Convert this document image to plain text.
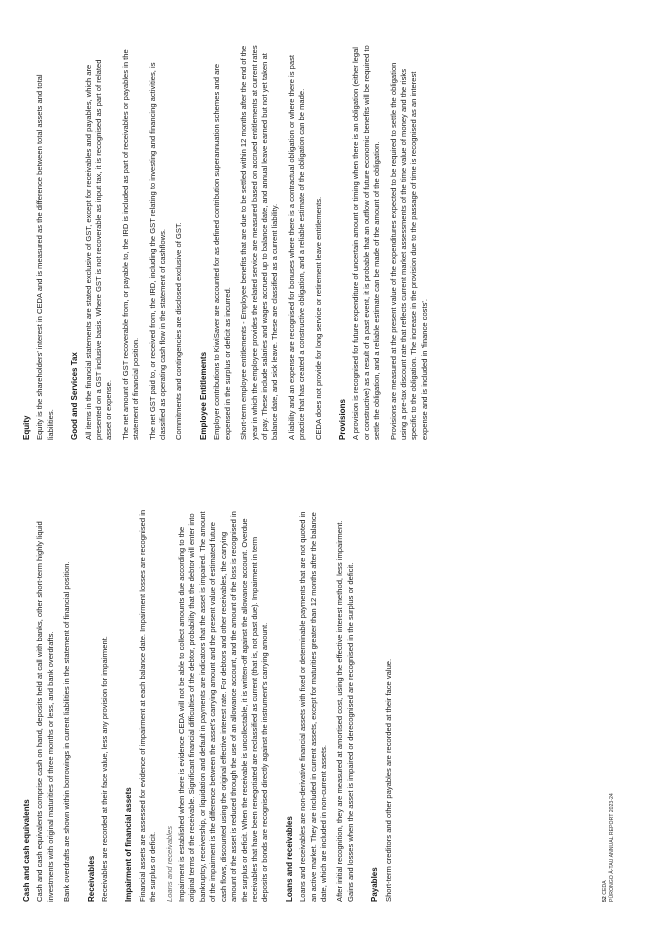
Cash and cash equivalents Cash and cash equivalents comprise cash on hand, deposits held at call with banks, other short-term highly liquid investments with original maturities of three months or less, and bank overdrafts. Bank overdrafts are shown within borrowings in current liabilities in the statement of financial position. Receivables Receivables are recorded at their face value, less any provision for impairment. Impairment of financial assets Financial assets are assessed for evidence of impairment at each balance date. Impairment losses are recognised in the surplus or deficit. Loans and receivables Impairment is established when there is evidence CEDA will not be able to collect amounts due according to the original terms of the receivable. Significant financial difficulties of the debtor, probability that the debtor will enter into bankruptcy, receivership, or liquidation and default in payments are indicators that the asset is impaired. The amount of the impairment is the difference between the asset's carrying amount and the present value of estimated future cash flows, discounted using the original effective interest rate. For debtors and other receivables, the carrying amount of the asset is reduced through the use of an allowance account, and the amount of the loss is recognised in the surplus or deficit. When the receivable is uncollectable, it is written-off against the allowance account. Overdue receivables that have been renegotiated are reclassified as current (that is, not past due). Impairment in term deposits or bonds are recognised directly against the instrument's carrying amount. Loans and receivables Loans and receivables are non-derivative financial assets with fixed or determinable payments that are not quoted in an active market. They are included in current assets, except for maturities greater than 12 months after the balance date, which are included in non-current assets. After initial recognition, they are measured at amortised cost, using the effective interest method, less impairment. Gains and losses when the asset is impaired or derecognised are recognised in the surplus or deficit. Payables Short-term creditors and other payables are recorded at their face value.

Equity Equity is the shareholders' interest in CEDA and is measured as the difference between total assets and total liabilities. Good and Services Tax All items in the financial statements are stated exclusive of GST, except for receivables and payables, which are presented on a GST inclusive basis. Where GST is not recoverable as input tax, it is recognised as part of related asset or expense. The net amount of GST recoverable from, or payable to, the IRD is included as part of receivables or payables in the statement of financial position. The net GST paid to, or received from, the IRD, including the GST relating to investing and financing activities, is classified as operating cash flow in the statement of cashflows. Commitments and contingencies are disclosed exclusive of GST. Employee Entitlements Employer contributions to KiwiSaver are accounted for as defined contribution superannuation schemes and are expensed in the surplus or deficit as incurred. Short-term employee entitlements - Employee benefits that are due to be settled within 12 months after the end of the year in which the employee provides the related service are measured based on accrued entitlements at current rates of pay. These include salaries and wages accrued up to balance date, and annual leave earned but not yet taken at balance date, and sick leave. These are classified as a current liability. A liability and an expense are recognised for bonuses where there is a contractual obligation or where there is past practice that has created a constructive obligation, and a reliable estimate of the obligation can be made. CEDA does not provide for long service or retirement leave entitlements. Provisions A provision is recognised for future expenditure of uncertain amount or timing when there is an obligation (either legal or constructive) as a result of a past event, it is probable that an outflow of future economic benefits will be required to settle the obligation, and a reliable estimate can be made of the amount of the obligation. Provisions are measured at the present value of the expenditures expected to be required to settle the obligation using a pre-tax discount rate that reflects current market assessments of the time value of money and the risks specific to the obligation. The increase in the provision due to the passage of time is recognised as an interest expense and is included in 'finance costs'.

52 CEDA PŪRONGO Ā-TAU ANNUAL REPORT 2023-24
